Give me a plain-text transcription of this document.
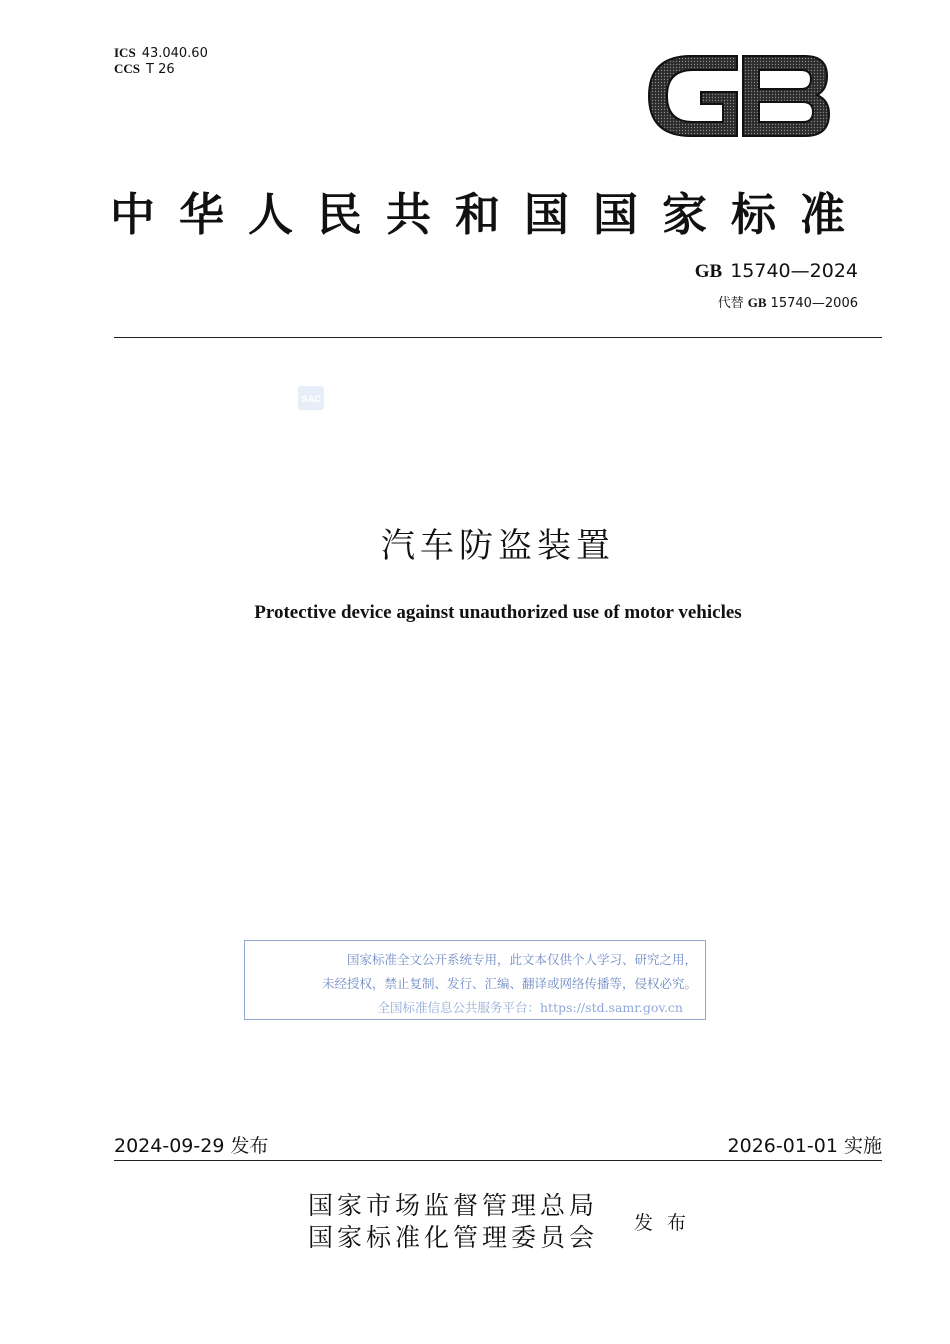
ICS 43.040.60
CCS T 26
中华人民共和国国家标准
GB 15740—2024
代替 GB 15740—2006
SAC
汽车防盗装置
Protective device against unauthorized use of motor vehicles
国家标准全文公开系统专用，此文本仅供个人学习、研究之用，
未经授权，禁止复制、发行、汇编、翻译或网络传播等，侵权必究。
全国标准信息公共服务平台：https://std.samr.gov.cn
2024-09-29 发布	2026-01-01 实施
国家市场监督管理总局
国家标准化管理委员会 发布
